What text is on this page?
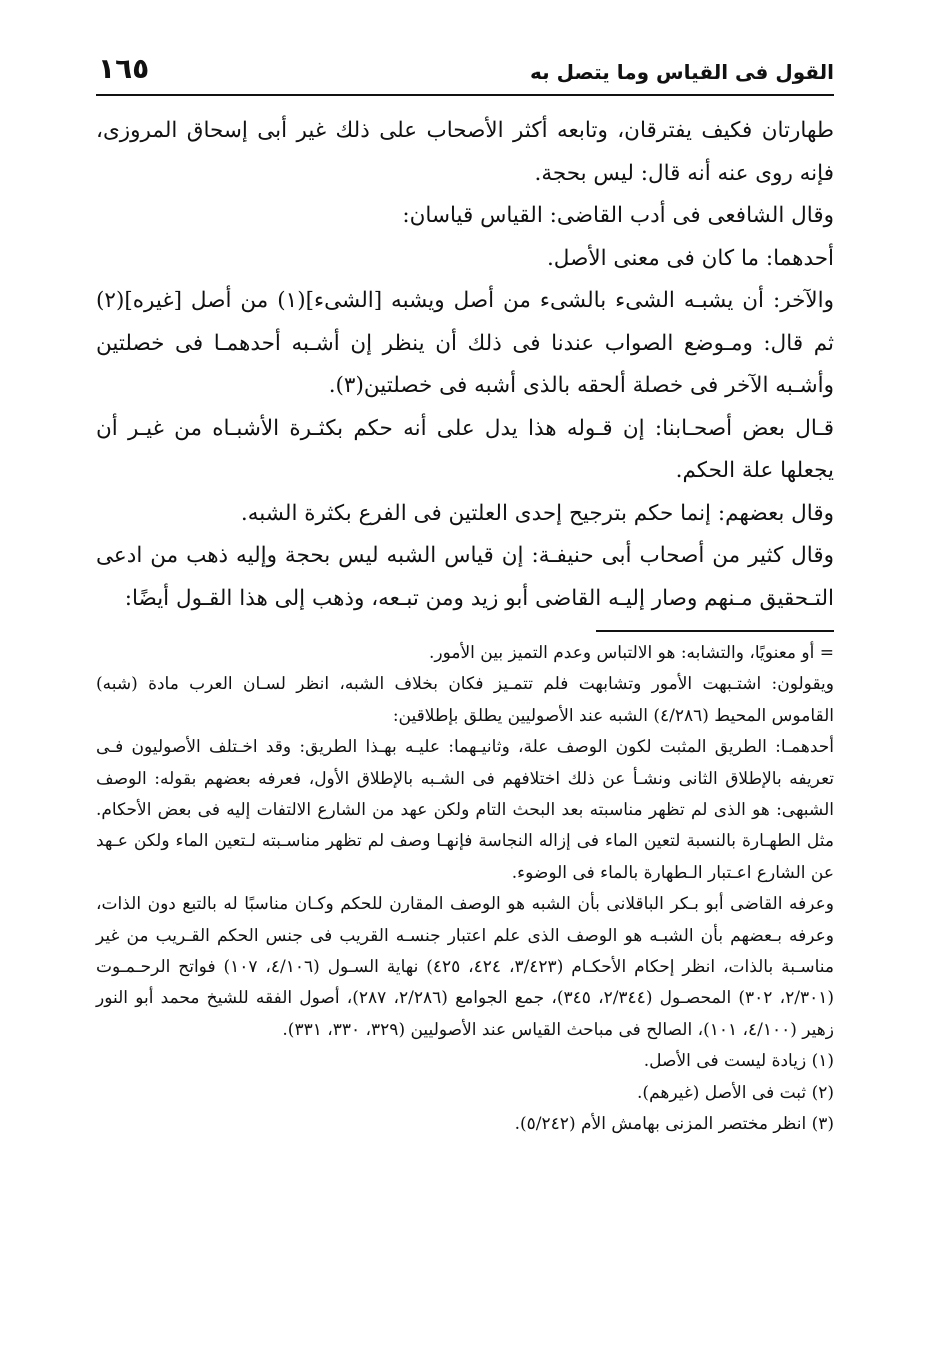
القول فى القياس وما يتصل به
١٦٥

طهارتان فكيف يفترقان، وتابعه أكثر الأصحاب على ذلك غير أبى إسحاق المروزى، فإنه روى عنه أنه قال: ليس بحجة.

وقال الشافعى فى أدب القاضى: القياس قياسان:

أحدهما: ما كان فى معنى الأصل.

والآخر: أن يشبـه الشىء بالشىء من أصل ويشبه [الشىء](١) من أصل [غيره](٢) ثم قال: ومـوضع الصواب عندنا فى ذلك أن ينظر إن أشـبه أحدهمـا فى خصلتين وأشـبه الآخر فى خصلة ألحقه بالذى أشبه فى خصلتين(٣).

قـال بعض أصحـابنا: إن قـوله هذا يدل على أنه حكم بكثـرة الأشبـاه من غيـر أن يجعلها علة الحكم.

وقال بعضهم: إنما حكم بترجيح إحدى العلتين فى الفرع بكثرة الشبه.

وقال كثير من أصحاب أبى حنيفـة: إن قياس الشبه ليس بحجة وإليه ذهب من ادعى التـحقيق مـنهم وصار إليـه القاضى أبو زيد ومن تبـعه، وذهب إلى هذا القـول أيضًا:

= أو معنويًا، والتشابه: هو الالتباس وعدم التميز بين الأمور.

ويقولون: اشتـبهت الأمور وتشابهت فلم تتمـيز فكان بخلاف الشبه، انظر لسـان العرب مادة (شبه) القاموس المحيط (٤/٢٨٦) الشبه عند الأصوليين يطلق بإطلاقين:

أحدهمـا: الطريق المثبت لكون الوصف علة، وثانيـهما: عليـه بهـذا الطريق: وقد اخـتلف الأصوليون فـى تعريفه بالإطلاق الثانى ونشـأ عن ذلك اختلافهم فى الشـبه بالإطلاق الأول، فعرفه بعضهم بقوله: الوصف الشبهى: هو الذى لم تظهر مناسبته بعد البحث التام ولكن عهد من الشارع الالتفات إليه فى بعض الأحكام. مثل الطهـارة بالنسبة لتعين الماء فى إزاله النجاسة فإنهـا وصف لم تظهر مناسـبته لـتعين الماء ولكن عـهد عن الشارع اعـتبار الـطهارة بالماء فى الوضوء.

وعرفه القاضى أبو بـكر الباقلانى بأن الشبه هو الوصف المقارن للحكم وكـان مناسبًا له بالتبع دون الذات، وعرفه بـعضهم بأن الشبـه هو الوصف الذى علم اعتبار جنسـه القريب فى جنس الحكم القـريب من غير مناسـبة بالذات، انظر إحكام الأحكـام (٣/٤٢٣، ٤٢٤، ٤٢٥) نهاية السـول (٤/١٠٦، ١٠٧) فواتح الرحـمـوت (٢/٣٠١، ٣٠٢) المحصـول (٢/٣٤٤، ٣٤٥)، جمع الجوامع (٢/٢٨٦، ٢٨٧)، أصول الفقه للشيخ محمد أبو النور زهير (٤/١٠٠، ١٠١)، الصالح فى مباحث القياس عند الأصوليين (٣٢٩، ٣٣٠، ٣٣١).

(١) زيادة ليست فى الأصل.

(٢) ثبت فى الأصل (غيرهم).

(٣) انظر مختصر المزنى بهامش الأم (٥/٢٤٢).
